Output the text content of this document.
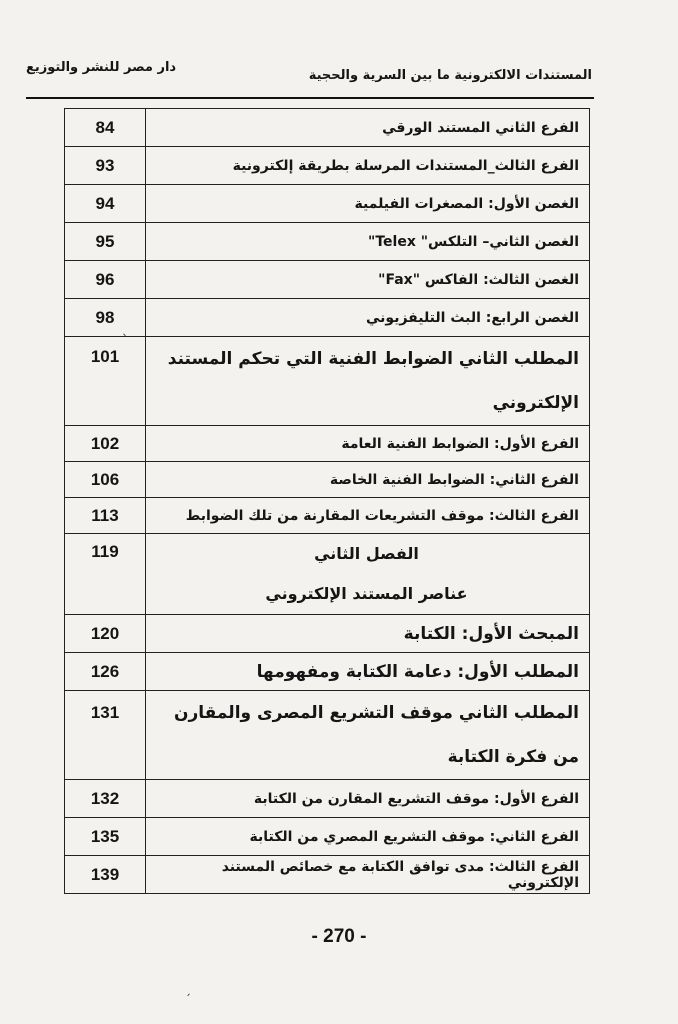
المستندات الالكترونية ما بين السرية والحجية
دار مصر للنشر والتوزيع
84	الفرع الثاني المستند الورقي
93	الفرع الثالث_المستندات المرسلة بطريقة إلكترونية
94	الغصن الأول: المصغرات الفيلمية
95	الغصن الثاني– التلكس" Telex"
96	الغصن الثالث: الفاكس "Fax"
98	الغصن الرابع: البث التليفزيوني
101	المطلب الثاني الضوابط الفنية التي تحكم المستند الإلكتروني
102	الفرع الأول: الضوابط الفنية العامة
106	الفرع الثاني: الضوابط الفنية الخاصة
113	الفرع الثالث: موقف التشريعات المقارنة من تلك الضوابط
119	الفصل الثاني
عناصر المستند الإلكتروني

120	المبحث الأول: الكتابة
126	المطلب الأول: دعامة الكتابة ومفهومها
131	المطلب الثاني موقف التشريع المصرى والمقارن من فكرة الكتابة
132	الفرع الأول: موقف التشريع المقارن من الكتابة
135	الفرع الثاني: موقف التشريع المصري من الكتابة
139	الفرع الثالث: مدى توافق الكتابة مع خصائص المستند الإلكتروني
- 270 -
ˎ
ˏ
